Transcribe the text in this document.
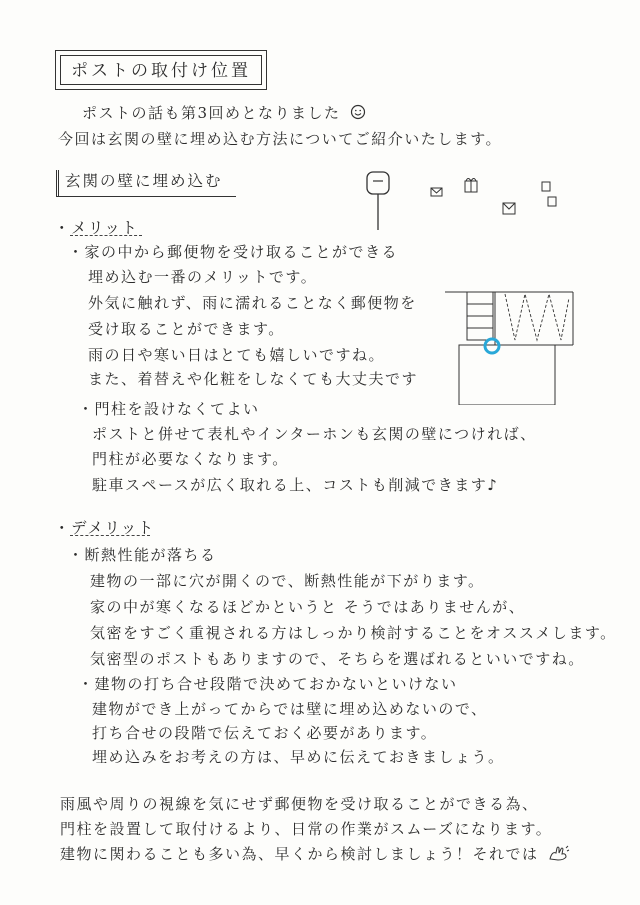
ポストの取付け位置
ポストの話も第3回めとなりました
今回は玄関の壁に埋め込む方法についてご紹介いたします。
玄関の壁に埋め込む
・メリット
・家の中から郵便物を受け取ることができる
埋め込む一番のメリットです。
外気に触れず、雨に濡れることなく郵便物を
受け取ることができます。
雨の日や寒い日はとても嬉しいですね。
また、着替えや化粧をしなくても大丈夫です
・門柱を設けなくてよい
ポストと併せて表札やインターホンも玄関の壁につければ、
門柱が必要なくなります。
駐車スペースが広く取れる上、コストも削減できます♪
・デメリット
・断熱性能が落ちる
建物の一部に穴が開くので、断熱性能が下がります。
家の中が寒くなるほどかというと そうではありませんが、
気密をすごく重視される方はしっかり検討することをオススメします。
気密型のポストもありますので、そちらを選ばれるといいですね。
・建物の打ち合せ段階で決めておかないといけない
建物ができ上がってからでは壁に埋め込めないので、
打ち合せの段階で伝えておく必要があります。
埋め込みをお考えの方は、早めに伝えておきましょう。
雨風や周りの視線を気にせず郵便物を受け取ることができる為、
門柱を設置して取付けるより、日常の作業がスムーズになります。
建物に関わることも多い為、早くから検討しましょう！それでは
